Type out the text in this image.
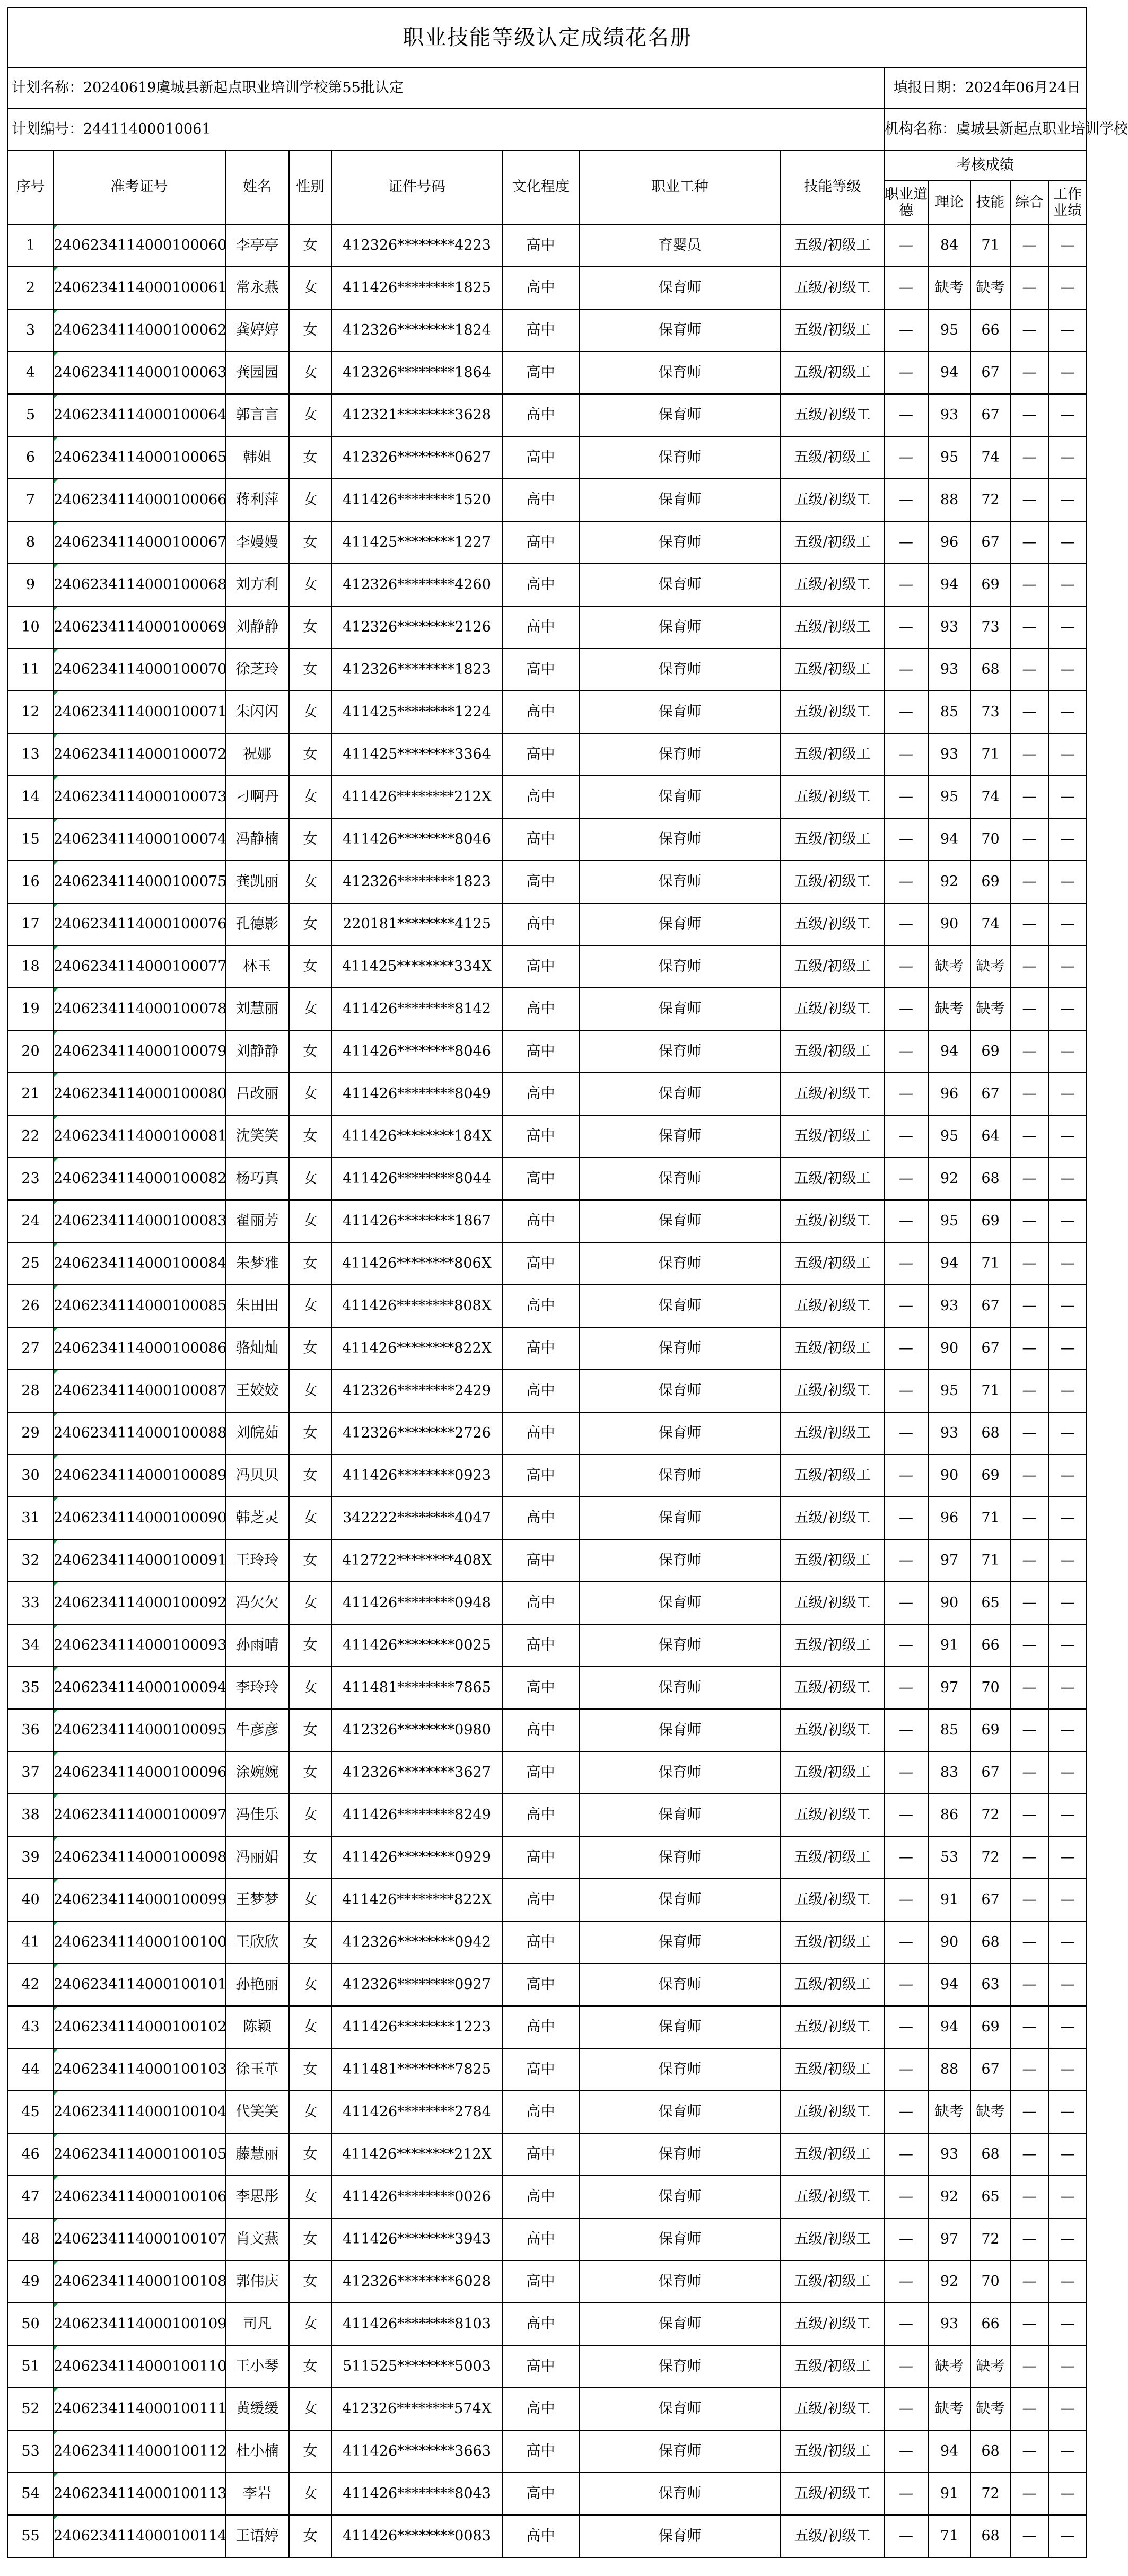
职业技能等级认定成绩花名册												
计划名称：20240619虞城县新起点职业培训学校第55批认定								填报日期：2024年06月24日				
计划编号：24411400010061								机构名称：虞城县新起点职业培训学校				
序号	准考证号	姓名	性别	证件号码	文化程度	职业工种	技能等级	考核成绩				
								职业道德	理论	技能	综合	工作业绩
1	2406234114000100060	李亭亭	女	412326********4223	高中	育婴员	五级/初级工	—	84	71	—	—
2	2406234114000100061	常永燕	女	411426********1825	高中	保育师	五级/初级工	—	缺考	缺考	—	—
3	2406234114000100062	龚婷婷	女	412326********1824	高中	保育师	五级/初级工	—	95	66	—	—
4	2406234114000100063	龚园园	女	412326********1864	高中	保育师	五级/初级工	—	94	67	—	—
5	2406234114000100064	郭言言	女	412321********3628	高中	保育师	五级/初级工	—	93	67	—	—
6	2406234114000100065	韩姐	女	412326********0627	高中	保育师	五级/初级工	—	95	74	—	—
7	2406234114000100066	蒋利萍	女	411426********1520	高中	保育师	五级/初级工	—	88	72	—	—
8	2406234114000100067	李嫚嫚	女	411425********1227	高中	保育师	五级/初级工	—	96	67	—	—
9	2406234114000100068	刘方利	女	412326********4260	高中	保育师	五级/初级工	—	94	69	—	—
10	2406234114000100069	刘静静	女	412326********2126	高中	保育师	五级/初级工	—	93	73	—	—
11	2406234114000100070	徐芝玲	女	412326********1823	高中	保育师	五级/初级工	—	93	68	—	—
12	2406234114000100071	朱闪闪	女	411425********1224	高中	保育师	五级/初级工	—	85	73	—	—
13	2406234114000100072	祝娜	女	411425********3364	高中	保育师	五级/初级工	—	93	71	—	—
14	2406234114000100073	刁啊丹	女	411426********212X	高中	保育师	五级/初级工	—	95	74	—	—
15	2406234114000100074	冯静楠	女	411426********8046	高中	保育师	五级/初级工	—	94	70	—	—
16	2406234114000100075	龚凯丽	女	412326********1823	高中	保育师	五级/初级工	—	92	69	—	—
17	2406234114000100076	孔德影	女	220181********4125	高中	保育师	五级/初级工	—	90	74	—	—
18	2406234114000100077	林玉	女	411425********334X	高中	保育师	五级/初级工	—	缺考	缺考	—	—
19	2406234114000100078	刘慧丽	女	411426********8142	高中	保育师	五级/初级工	—	缺考	缺考	—	—
20	2406234114000100079	刘静静	女	411426********8046	高中	保育师	五级/初级工	—	94	69	—	—
21	2406234114000100080	吕改丽	女	411426********8049	高中	保育师	五级/初级工	—	96	67	—	—
22	2406234114000100081	沈笑笑	女	411426********184X	高中	保育师	五级/初级工	—	95	64	—	—
23	2406234114000100082	杨巧真	女	411426********8044	高中	保育师	五级/初级工	—	92	68	—	—
24	2406234114000100083	翟丽芳	女	411426********1867	高中	保育师	五级/初级工	—	95	69	—	—
25	2406234114000100084	朱梦雅	女	411426********806X	高中	保育师	五级/初级工	—	94	71	—	—
26	2406234114000100085	朱田田	女	411426********808X	高中	保育师	五级/初级工	—	93	67	—	—
27	2406234114000100086	骆灿灿	女	411426********822X	高中	保育师	五级/初级工	—	90	67	—	—
28	2406234114000100087	王姣姣	女	412326********2429	高中	保育师	五级/初级工	—	95	71	—	—
29	2406234114000100088	刘皖茹	女	412326********2726	高中	保育师	五级/初级工	—	93	68	—	—
30	2406234114000100089	冯贝贝	女	411426********0923	高中	保育师	五级/初级工	—	90	69	—	—
31	2406234114000100090	韩芝灵	女	342222********4047	高中	保育师	五级/初级工	—	96	71	—	—
32	2406234114000100091	王玲玲	女	412722********408X	高中	保育师	五级/初级工	—	97	71	—	—
33	2406234114000100092	冯欠欠	女	411426********0948	高中	保育师	五级/初级工	—	90	65	—	—
34	2406234114000100093	孙雨晴	女	411426********0025	高中	保育师	五级/初级工	—	91	66	—	—
35	2406234114000100094	李玲玲	女	411481********7865	高中	保育师	五级/初级工	—	97	70	—	—
36	2406234114000100095	牛彦彦	女	412326********0980	高中	保育师	五级/初级工	—	85	69	—	—
37	2406234114000100096	涂婉婉	女	412326********3627	高中	保育师	五级/初级工	—	83	67	—	—
38	2406234114000100097	冯佳乐	女	411426********8249	高中	保育师	五级/初级工	—	86	72	—	—
39	2406234114000100098	冯丽娟	女	411426********0929	高中	保育师	五级/初级工	—	53	72	—	—
40	2406234114000100099	王梦梦	女	411426********822X	高中	保育师	五级/初级工	—	91	67	—	—
41	2406234114000100100	王欣欣	女	412326********0942	高中	保育师	五级/初级工	—	90	68	—	—
42	2406234114000100101	孙艳丽	女	412326********0927	高中	保育师	五级/初级工	—	94	63	—	—
43	2406234114000100102	陈颖	女	411426********1223	高中	保育师	五级/初级工	—	94	69	—	—
44	2406234114000100103	徐玉革	女	411481********7825	高中	保育师	五级/初级工	—	88	67	—	—
45	2406234114000100104	代笑笑	女	411426********2784	高中	保育师	五级/初级工	—	缺考	缺考	—	—
46	2406234114000100105	藤慧丽	女	411426********212X	高中	保育师	五级/初级工	—	93	68	—	—
47	2406234114000100106	李思彤	女	411426********0026	高中	保育师	五级/初级工	—	92	65	—	—
48	2406234114000100107	肖文燕	女	411426********3943	高中	保育师	五级/初级工	—	97	72	—	—
49	2406234114000100108	郭伟庆	女	412326********6028	高中	保育师	五级/初级工	—	92	70	—	—
50	2406234114000100109	司凡	女	411426********8103	高中	保育师	五级/初级工	—	93	66	—	—
51	2406234114000100110	王小琴	女	511525********5003	高中	保育师	五级/初级工	—	缺考	缺考	—	—
52	2406234114000100111	黄缓缓	女	412326********574X	高中	保育师	五级/初级工	—	缺考	缺考	—	—
53	2406234114000100112	杜小楠	女	411426********3663	高中	保育师	五级/初级工	—	94	68	—	—
54	2406234114000100113	李岩	女	411426********8043	高中	保育师	五级/初级工	—	91	72	—	—
55	2406234114000100114	王语婷	女	411426********0083	高中	保育师	五级/初级工	—	71	68	—	—
